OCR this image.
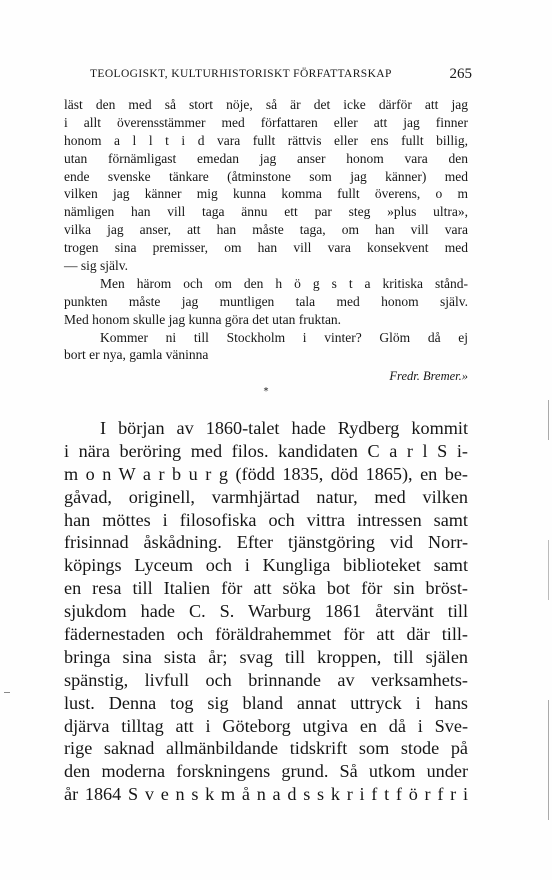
TEOLOGISKT, KULTURHISTORISKT FÖRFATTARSKAP	265
läst den med så stort nöje, så är det icke därför att jag
i allt överensstämmer med författaren eller att jag finner
honom a l l t i d vara fullt rättvis eller ens fullt billig,
utan förnämligast emedan jag anser honom vara den
ende svenske tänkare (åtminstone som jag känner) med
vilken jag känner mig kunna komma fullt överens, o m
nämligen han vill taga ännu ett par steg »plus ultra»,
vilka jag anser, att han måste taga, om han vill vara
trogen sina premisser, om han vill vara konsekvent med
— sig själv.
Men härom och om den h ö g s t a kritiska stånd-
punkten måste jag muntligen tala med honom själv.
Med honom skulle jag kunna göra det utan fruktan.
Kommer ni till Stockholm i vinter? Glöm då ej
bort er nya, gamla väninna
Fredr. Bremer.»
*
I början av 1860-talet hade Rydberg kommit
i nära beröring med filos. kandidaten C a r l S i-
m o n W a r b u r g (född 1835, död 1865), en be-
gåvad, originell, varmhjärtad natur, med vilken
han möttes i filosofiska och vittra intressen samt
frisinnad åskådning. Efter tjänstgöring vid Norr-
köpings Lyceum och i Kungliga biblioteket samt
en resa till Italien för att söka bot för sin bröst-
sjukdom hade C. S. Warburg 1861 återvänt till
fädernestaden och föräldrahemmet för att där till-
bringa sina sista år; svag till kroppen, till själen
spänstig, livfull och brinnande av verksamhets-
lust. Denna tog sig bland annat uttryck i hans
djärva tilltag att i Göteborg utgiva en då i Sve-
rige saknad allmänbildande tidskrift som stode på
den moderna forskningens grund. Så utkom under
år 1864 S v e n s k m å n a d s s k r i f t f ö r f r i
